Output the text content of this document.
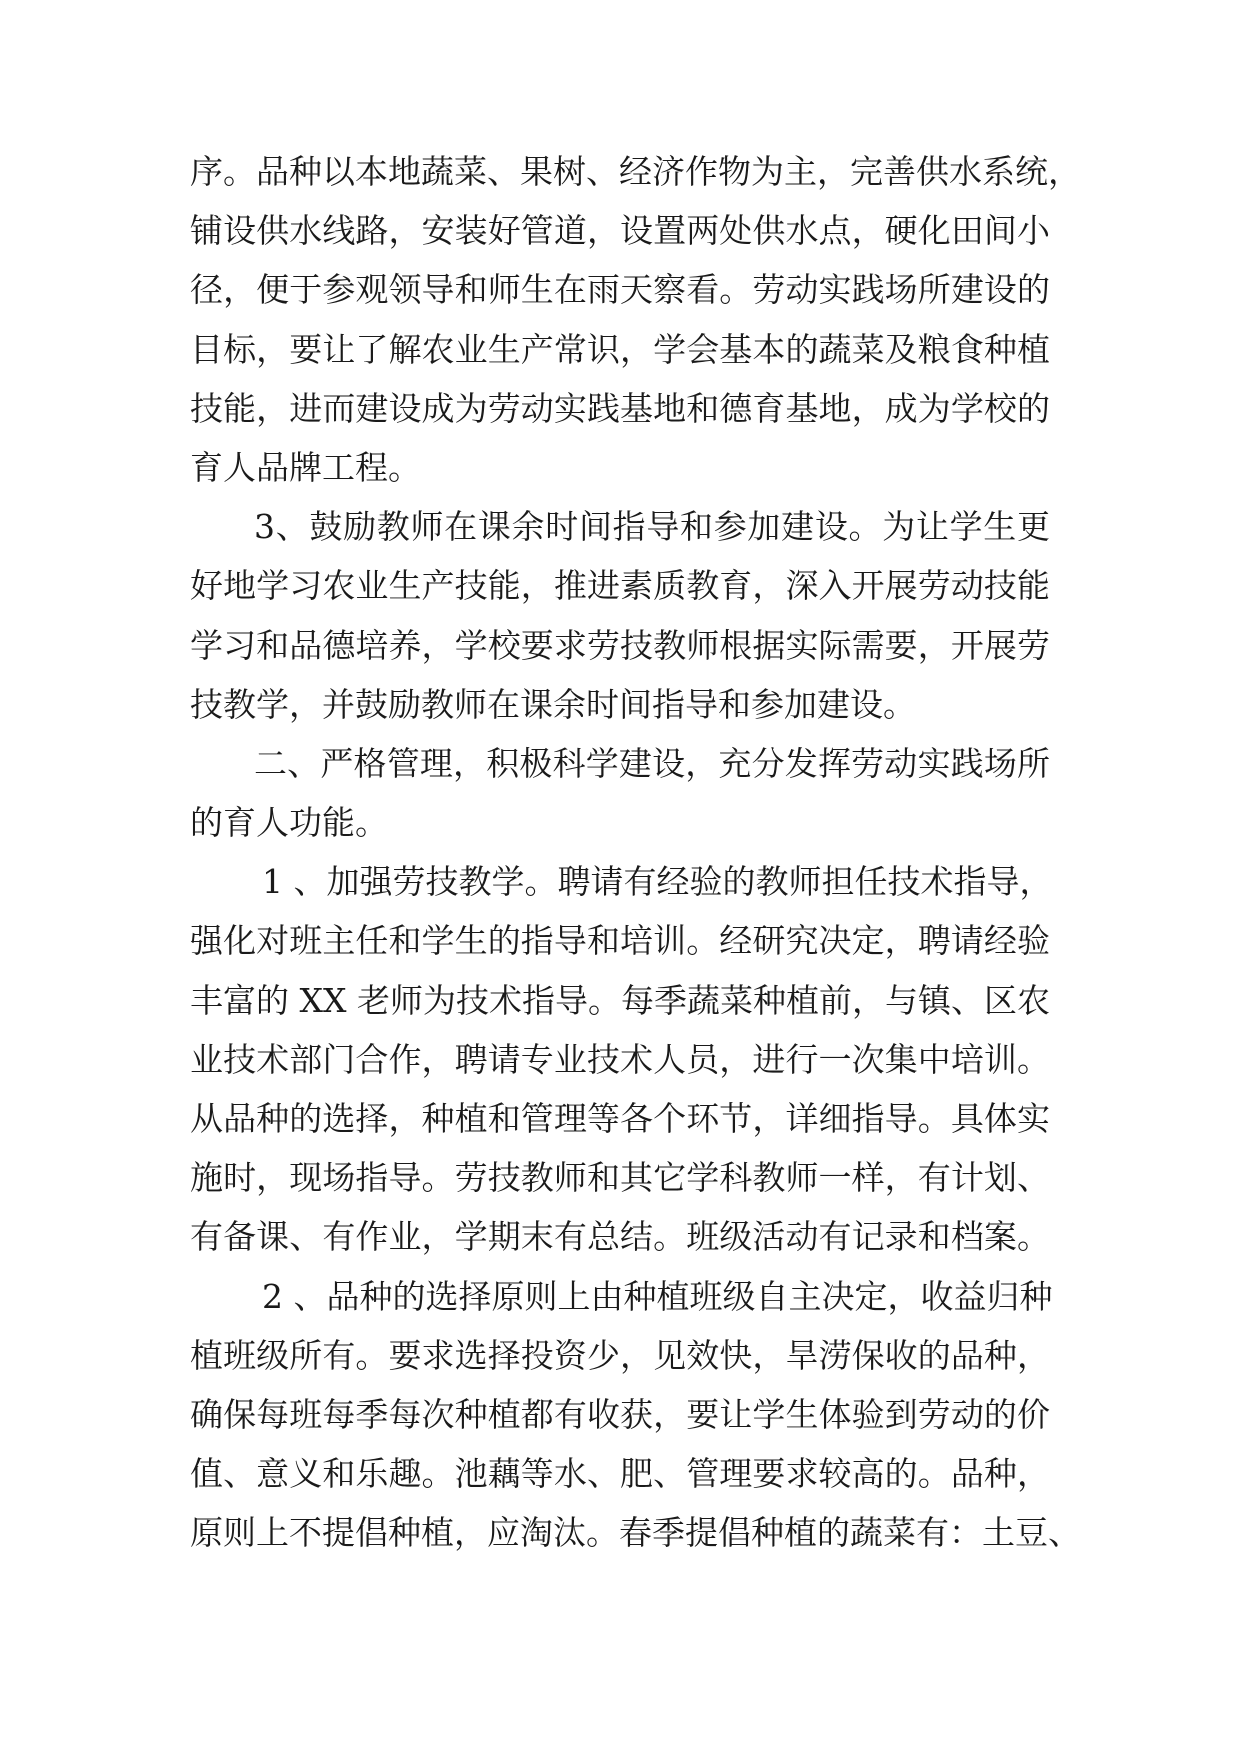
序。品种以本地蔬菜、果树、经济作物为主，完善供水系统，
铺设供水线路，安装好管道，设置两处供水点，硬化田间小
径，便于参观领导和师生在雨天察看。劳动实践场所建设的
目标，要让了解农业生产常识，学会基本的蔬菜及粮食种植
技能，进而建设成为劳动实践基地和德育基地，成为学校的
育人品牌工程。
3、鼓励教师在课余时间指导和参加建设。为让学生更
好地学习农业生产技能，推进素质教育，深入开展劳动技能
学习和品德培养，学校要求劳技教师根据实际需要，开展劳
技教学，并鼓励教师在课余时间指导和参加建设。
二、严格管理，积极科学建设，充分发挥劳动实践场所
的育人功能。
1 、加强劳技教学。聘请有经验的教师担任技术指导，
强化对班主任和学生的指导和培训。经研究决定，聘请经验
丰富的 XX 老师为技术指导。每季蔬菜种植前，与镇、区农
业技术部门合作，聘请专业技术人员，进行一次集中培训。
从品种的选择，种植和管理等各个环节，详细指导。具体实
施时，现场指导。劳技教师和其它学科教师一样，有计划、
有备课、有作业，学期末有总结。班级活动有记录和档案。
2 、品种的选择原则上由种植班级自主决定，收益归种
植班级所有。要求选择投资少，见效快，旱涝保收的品种，
确保每班每季每次种植都有收获，要让学生体验到劳动的价
值、意义和乐趣。池藕等水、肥、管理要求较高的。品种，
原则上不提倡种植，应淘汰。春季提倡种植的蔬菜有：土豆、
